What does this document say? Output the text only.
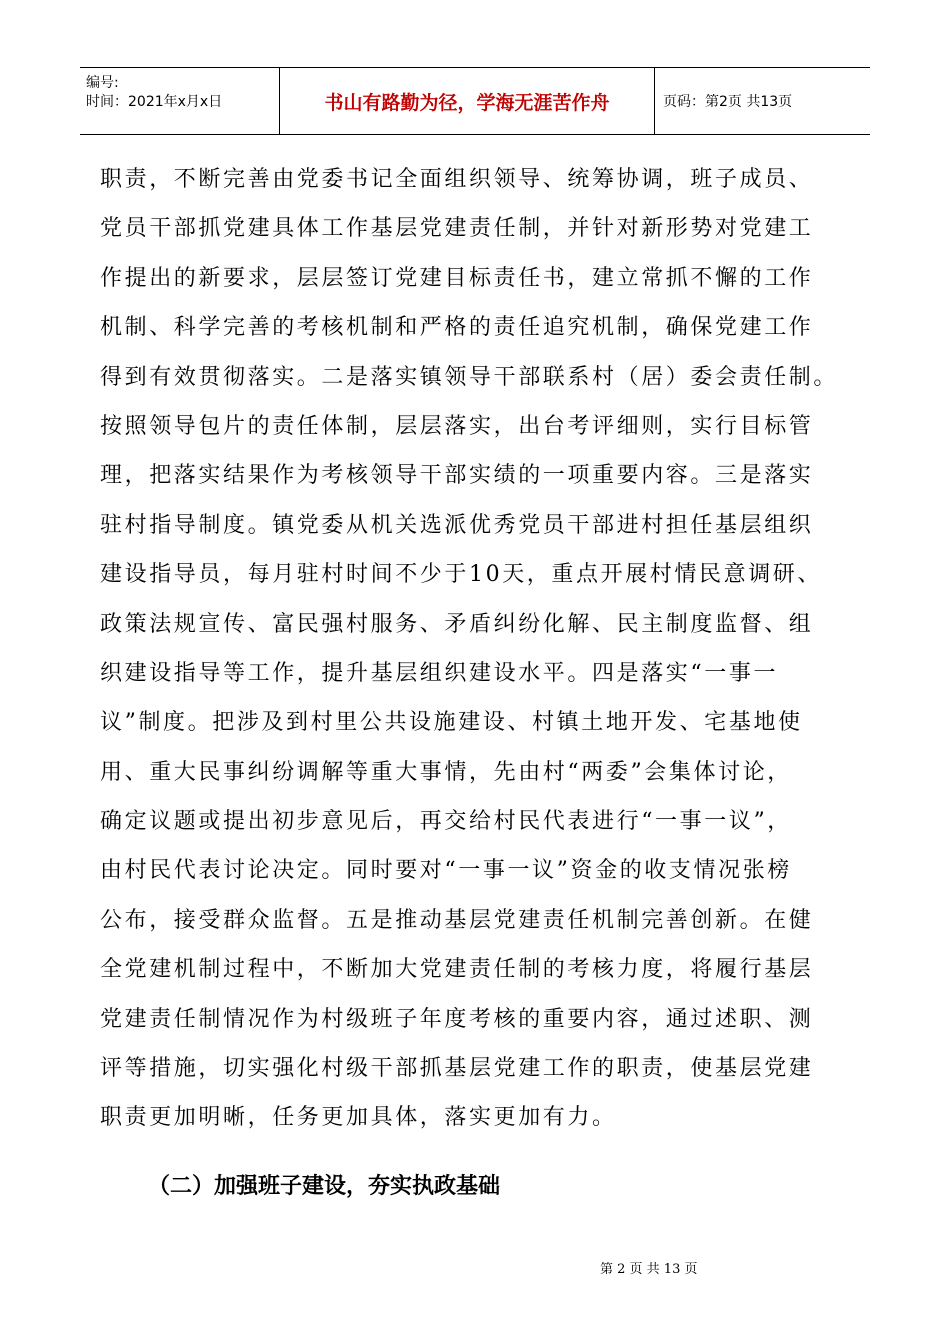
编号:
时间：2021年x月x日	书山有路勤为径，学海无涯苦作舟	页码：第2页 共13页
职责，不断完善由党委书记全面组织领导、统筹协调，班子成员、
党员干部抓党建具体工作基层党建责任制，并针对新形势对党建工
作提出的新要求，层层签订党建目标责任书，建立常抓不懈的工作
机制、科学完善的考核机制和严格的责任追究机制，确保党建工作
得到有效贯彻落实。二是落实镇领导干部联系村（居）委会责任制。
按照领导包片的责任体制，层层落实，出台考评细则，实行目标管
理，把落实结果作为考核领导干部实绩的一项重要内容。三是落实
驻村指导制度。镇党委从机关选派优秀党员干部进村担任基层组织
建设指导员，每月驻村时间不少于10天，重点开展村情民意调研、
政策法规宣传、富民强村服务、矛盾纠纷化解、民主制度监督、组
织建设指导等工作，提升基层组织建设水平。四是落实“一事一
议”制度。把涉及到村里公共设施建设、村镇土地开发、宅基地使
用、重大民事纠纷调解等重大事情，先由村“两委”会集体讨论，
确定议题或提出初步意见后，再交给村民代表进行“一事一议”，
由村民代表讨论决定。同时要对“一事一议”资金的收支情况张榜
公布，接受群众监督。五是推动基层党建责任机制完善创新。在健
全党建机制过程中，不断加大党建责任制的考核力度，将履行基层
党建责任制情况作为村级班子年度考核的重要内容，通过述职、测
评等措施，切实强化村级干部抓基层党建工作的职责，使基层党建
职责更加明晰，任务更加具体，落实更加有力。
（二）加强班子建设，夯实执政基础
第 2 页 共 13 页
